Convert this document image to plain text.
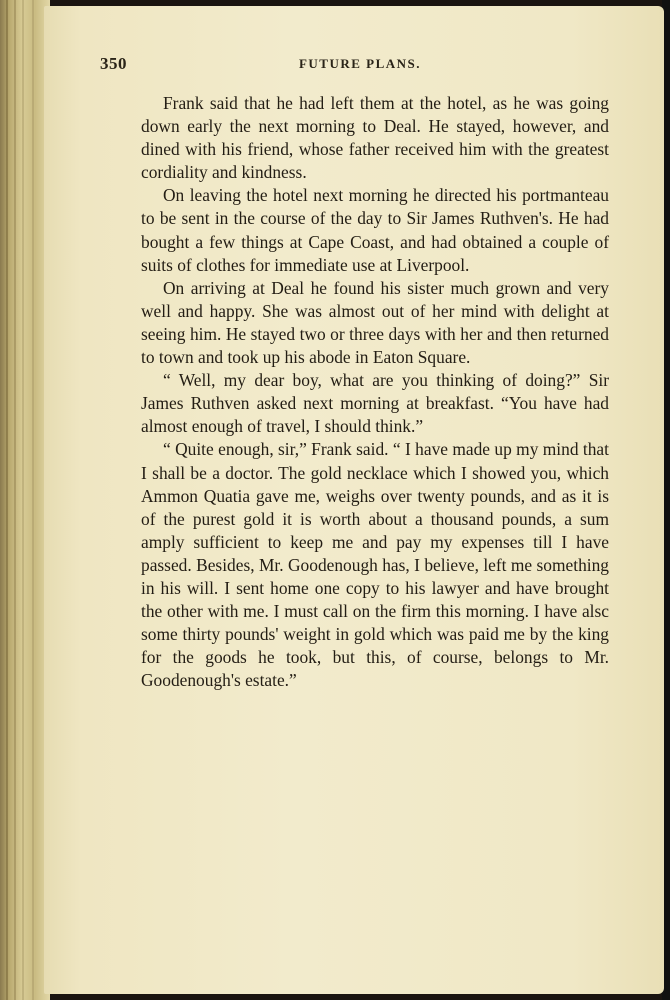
350	FUTURE PLANS.

Frank said that he had left them at the hotel, as he was going down early the next morning to Deal. He stayed, however, and dined with his friend, whose father received him with the greatest cordiality and kindness.

On leaving the hotel next morning he directed his portmanteau to be sent in the course of the day to Sir James Ruthven's. He had bought a few things at Cape Coast, and had obtained a couple of suits of clothes for immediate use at Liverpool.

On arriving at Deal he found his sister much grown and very well and happy. She was almost out of her mind with delight at seeing him. He stayed two or three days with her and then returned to town and took up his abode in Eaton Square.

“ Well, my dear boy, what are you thinking of doing?” Sir James Ruthven asked next morning at breakfast. “You have had almost enough of travel, I should think.”

“ Quite enough, sir,” Frank said. “ I have made up my mind that I shall be a doctor. The gold necklace which I showed you, which Ammon Quatia gave me, weighs over twenty pounds, and as it is of the purest gold it is worth about a thousand pounds, a sum amply sufficient to keep me and pay my expenses till I have passed. Besides, Mr. Goodenough has, I believe, left me something in his will. I sent home one copy to his lawyer and have brought the other with me. I must call on the firm this morning. I have alsc some thirty pounds' weight in gold which was paid me by the king for the goods he took, but this, of course, belongs to Mr. Goodenough's estate.”
